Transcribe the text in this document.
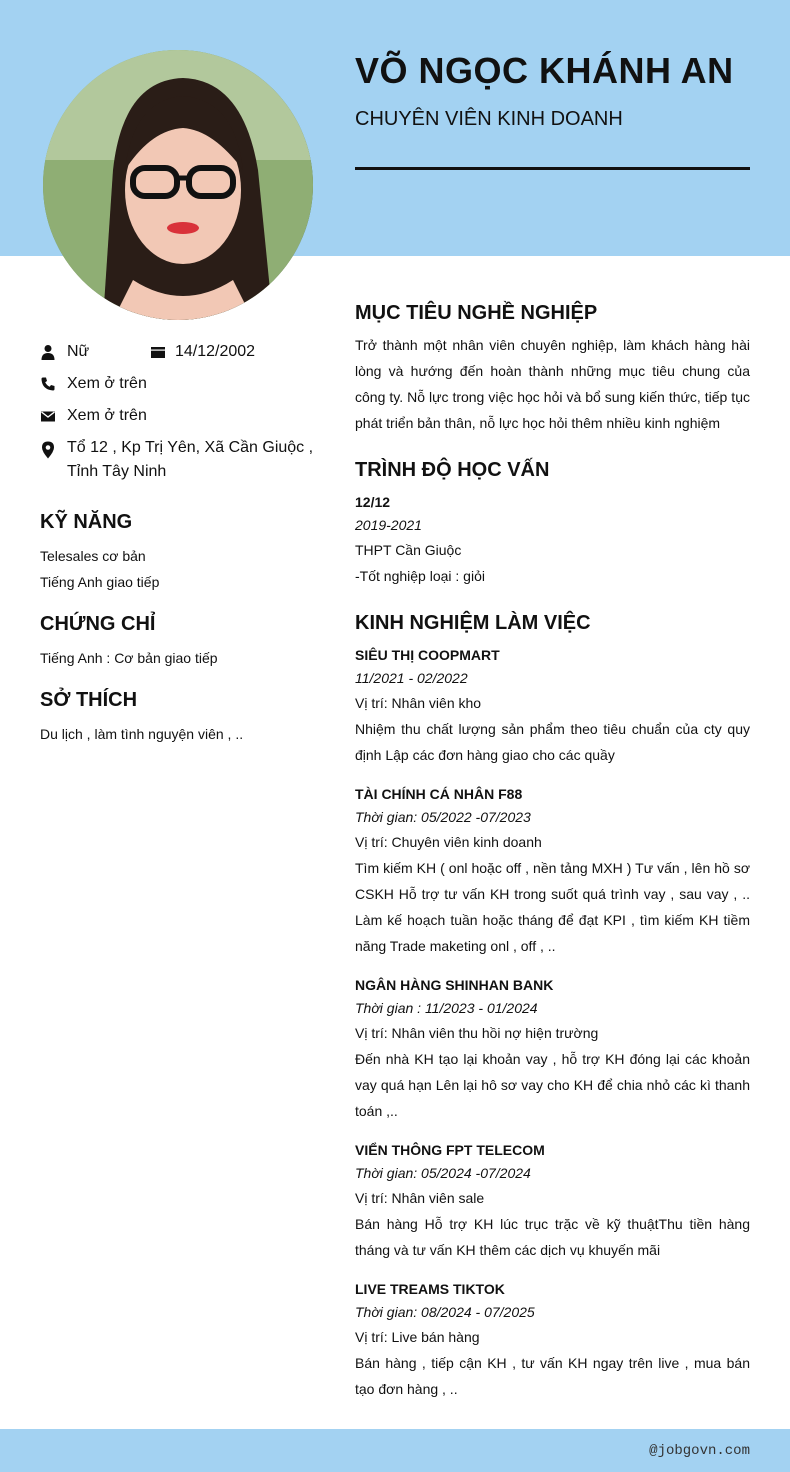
VÕ NGỌC KHÁNH AN
CHUYÊN VIÊN KINH DOANH
Nữ	14/12/2002
Xem ở trên
Xem ở trên
Tổ 12 , Kp Trị Yên, Xã Cần Giuộc ,
Tỉnh Tây Ninh
KỸ NĂNG
Telesales cơ bản
Tiếng Anh giao tiếp
CHỨNG CHỈ
Tiếng Anh : Cơ bản giao tiếp
SỞ THÍCH
Du lịch , làm tình nguyện viên , ..
MỤC TIÊU NGHỀ NGHIỆP

Trở thành một nhân viên chuyên nghiệp, làm khách hàng hài lòng và hướng đến hoàn thành những mục tiêu chung của công ty. Nỗ lực trong việc học hỏi và bổ sung kiến thức, tiếp tục phát triển bản thân, nỗ lực học hỏi thêm nhiều kinh nghiệm

TRÌNH ĐỘ HỌC VẤN
12/12
2019-2021
THPT Cần Giuộc
-Tốt nghiệp loại : giỏi
KINH NGHIỆM LÀM VIỆC
SIÊU THỊ COOPMART
11/2021 - 02/2022
Vị trí: Nhân viên kho

Nhiệm thu chất lượng sản phẩm theo tiêu chuẩn của cty quy định Lập các đơn hàng giao cho các quầy

TÀI CHÍNH CÁ NHÂN F88
Thời gian: 05/2022 -07/2023
Vị trí: Chuyên viên kinh doanh

Tìm kiếm KH ( onl hoặc off , nền tảng MXH ) Tư vấn , lên hồ sơ CSKH Hỗ trợ tư vấn KH trong suốt quá trình vay , sau vay , .. Làm kế hoạch tuần hoặc tháng để đạt KPI , tìm kiếm KH tiềm năng Trade maketing onl , off , ..

NGÂN HÀNG SHINHAN BANK
Thời gian : 11/2023 - 01/2024
Vị trí: Nhân viên thu hồi nợ hiện trường

Đến nhà KH tạo lại khoản vay , hỗ trợ KH đóng lại các khoản vay quá hạn Lên lại hô sơ vay cho KH để chia nhỏ các kì thanh toán ,..

VIỂN THÔNG FPT TELECOM
Thời gian: 05/2024 -07/2024
Vị trí: Nhân viên sale

Bán hàng Hỗ trợ KH lúc trục trặc về kỹ thuậtThu tiền hàng tháng và tư vấn KH thêm các dịch vụ khuyến mãi

LIVE TREAMS TIKTOK
Thời gian: 08/2024 - 07/2025
Vị trí: Live bán hàng

Bán hàng , tiếp cận KH , tư vấn KH ngay trên live , mua bán tạo đơn hàng , ..

@jobgovn.com
